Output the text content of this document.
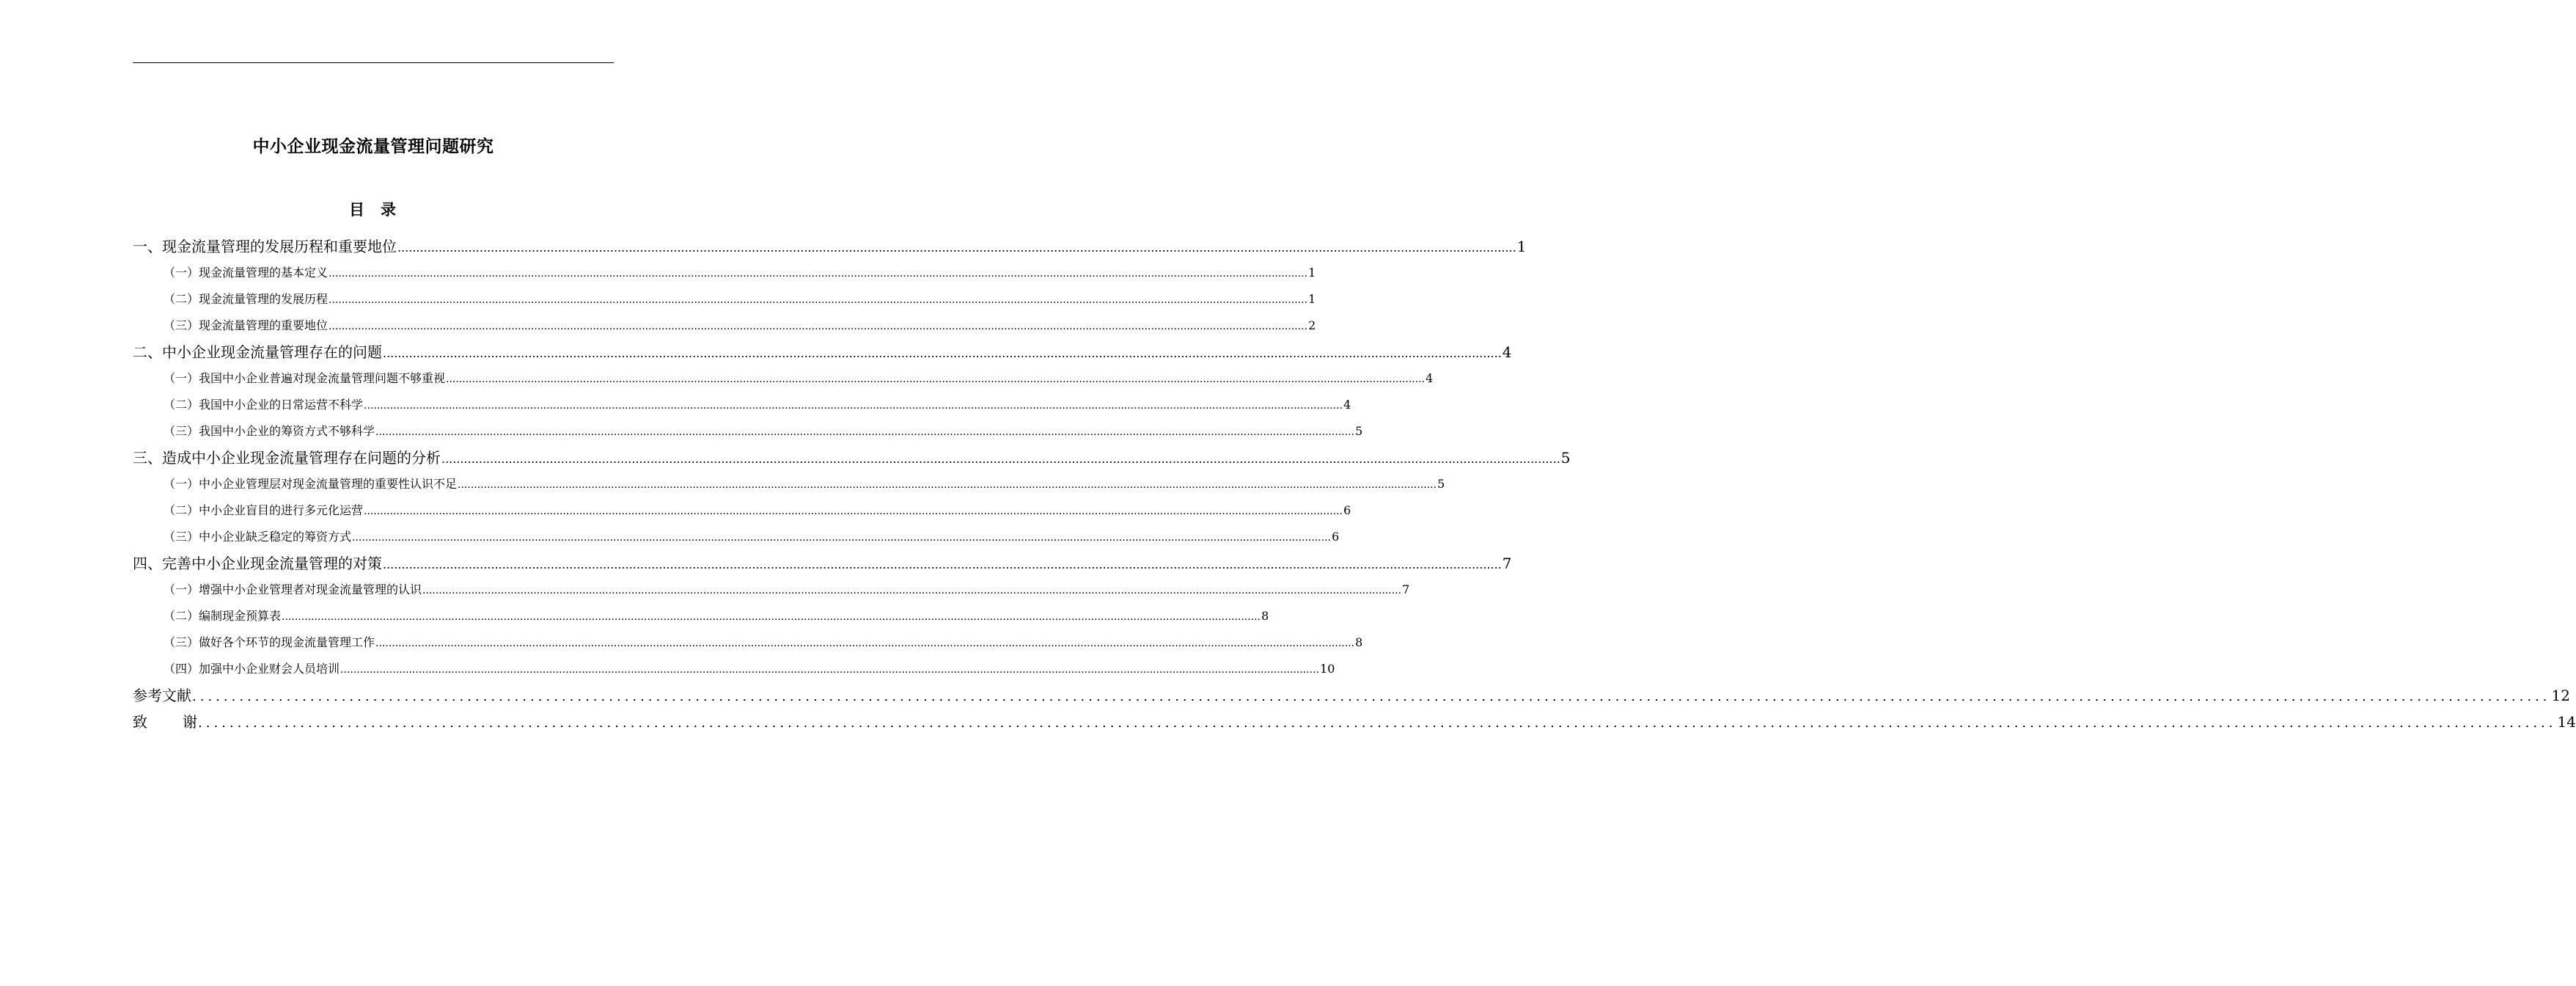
中小企业现金流量管理问题研究
目 录
一、现金流量管理的发展历程和重要地位 ............................................................................................................................................................................................................................................................................................................ 1
（一）现金流量管理的基本定义 ............................................................................................................................................................................................................................................................................................................ 1
（二）现金流量管理的发展历程 ............................................................................................................................................................................................................................................................................................................ 1
（三）现金流量管理的重要地位 ............................................................................................................................................................................................................................................................................................................ 2
二、中小企业现金流量管理存在的问题 ............................................................................................................................................................................................................................................................................................................ 4
（一）我国中小企业普遍对现金流量管理问题不够重视 ............................................................................................................................................................................................................................................................................................................ 4
（二）我国中小企业的日常运营不科学 ............................................................................................................................................................................................................................................................................................................ 4
（三）我国中小企业的筹资方式不够科学 ............................................................................................................................................................................................................................................................................................................ 5
三、造成中小企业现金流量管理存在问题的分析 ............................................................................................................................................................................................................................................................................................................ 5
（一）中小企业管理层对现金流量管理的重要性认识不足 ............................................................................................................................................................................................................................................................................................................ 5
（二）中小企业盲目的进行多元化运营 ............................................................................................................................................................................................................................................................................................................ 6
（三）中小企业缺乏稳定的筹资方式 ............................................................................................................................................................................................................................................................................................................ 6
四、完善中小企业现金流量管理的对策 ............................................................................................................................................................................................................................................................................................................ 7
（一）增强中小企业管理者对现金流量管理的认识 ............................................................................................................................................................................................................................................................................................................ 7
（二）编制现金预算表 ............................................................................................................................................................................................................................................................................................................ 8
（三）做好各个环节的现金流量管理工作 ............................................................................................................................................................................................................................................................................................................ 8
（四）加强中小企业财会人员培训 ............................................................................................................................................................................................................................................................................................................ 10
参考文献 ............................................................................................................................................................................................................................................................................................................ 12
致 谢 ............................................................................................................................................................................................................................................................................................................ 14
